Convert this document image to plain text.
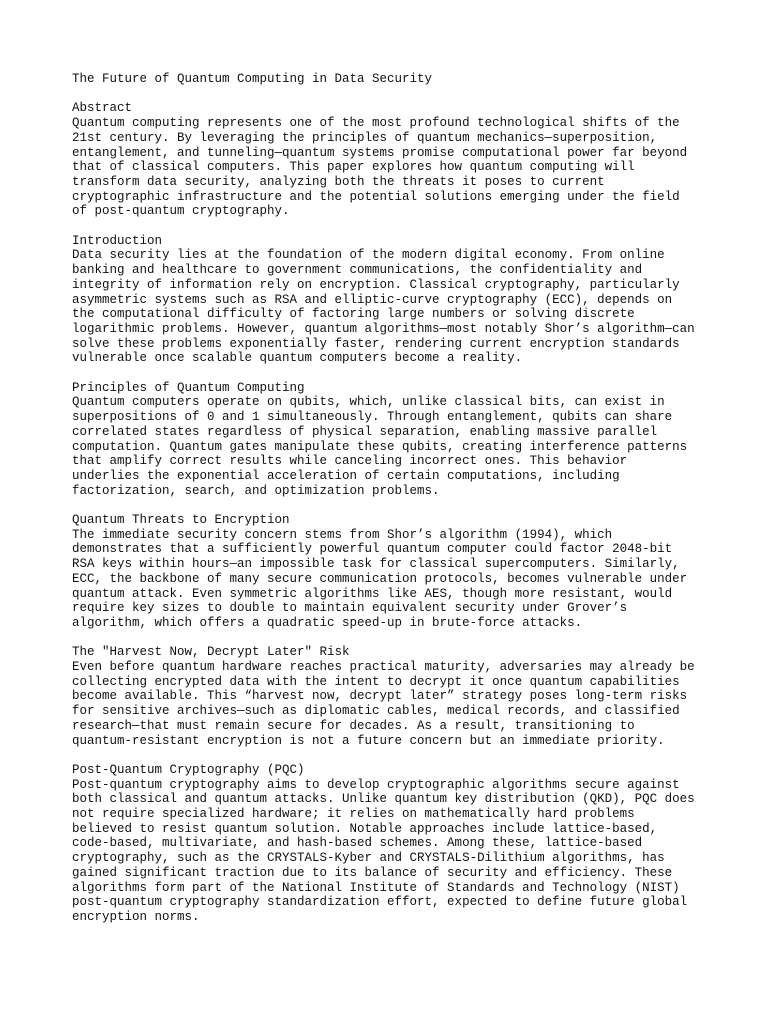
The Future of Quantum Computing in Data Security
Abstract
Quantum computing represents one of the most profound technological shifts of the
21st century. By leveraging the principles of quantum mechanics—superposition,
entanglement, and tunneling—quantum systems promise computational power far beyond
that of classical computers. This paper explores how quantum computing will
transform data security, analyzing both the threats it poses to current
cryptographic infrastructure and the potential solutions emerging under the field
of post-quantum cryptography.
Introduction
Data security lies at the foundation of the modern digital economy. From online
banking and healthcare to government communications, the confidentiality and
integrity of information rely on encryption. Classical cryptography, particularly
asymmetric systems such as RSA and elliptic-curve cryptography (ECC), depends on
the computational difficulty of factoring large numbers or solving discrete
logarithmic problems. However, quantum algorithms—most notably Shor’s algorithm—can
solve these problems exponentially faster, rendering current encryption standards
vulnerable once scalable quantum computers become a reality.
Principles of Quantum Computing
Quantum computers operate on qubits, which, unlike classical bits, can exist in
superpositions of 0 and 1 simultaneously. Through entanglement, qubits can share
correlated states regardless of physical separation, enabling massive parallel
computation. Quantum gates manipulate these qubits, creating interference patterns
that amplify correct results while canceling incorrect ones. This behavior
underlies the exponential acceleration of certain computations, including
factorization, search, and optimization problems.
Quantum Threats to Encryption
The immediate security concern stems from Shor’s algorithm (1994), which
demonstrates that a sufficiently powerful quantum computer could factor 2048-bit
RSA keys within hours—an impossible task for classical supercomputers. Similarly,
ECC, the backbone of many secure communication protocols, becomes vulnerable under
quantum attack. Even symmetric algorithms like AES, though more resistant, would
require key sizes to double to maintain equivalent security under Grover’s
algorithm, which offers a quadratic speed-up in brute-force attacks.
The "Harvest Now, Decrypt Later" Risk
Even before quantum hardware reaches practical maturity, adversaries may already be
collecting encrypted data with the intent to decrypt it once quantum capabilities
become available. This “harvest now, decrypt later” strategy poses long-term risks
for sensitive archives—such as diplomatic cables, medical records, and classified
research—that must remain secure for decades. As a result, transitioning to
quantum-resistant encryption is not a future concern but an immediate priority.
Post-Quantum Cryptography (PQC)
Post-quantum cryptography aims to develop cryptographic algorithms secure against
both classical and quantum attacks. Unlike quantum key distribution (QKD), PQC does
not require specialized hardware; it relies on mathematically hard problems
believed to resist quantum solution. Notable approaches include lattice-based,
code-based, multivariate, and hash-based schemes. Among these, lattice-based
cryptography, such as the CRYSTALS-Kyber and CRYSTALS-Dilithium algorithms, has
gained significant traction due to its balance of security and efficiency. These
algorithms form part of the National Institute of Standards and Technology (NIST)
post-quantum cryptography standardization effort, expected to define future global
encryption norms.
